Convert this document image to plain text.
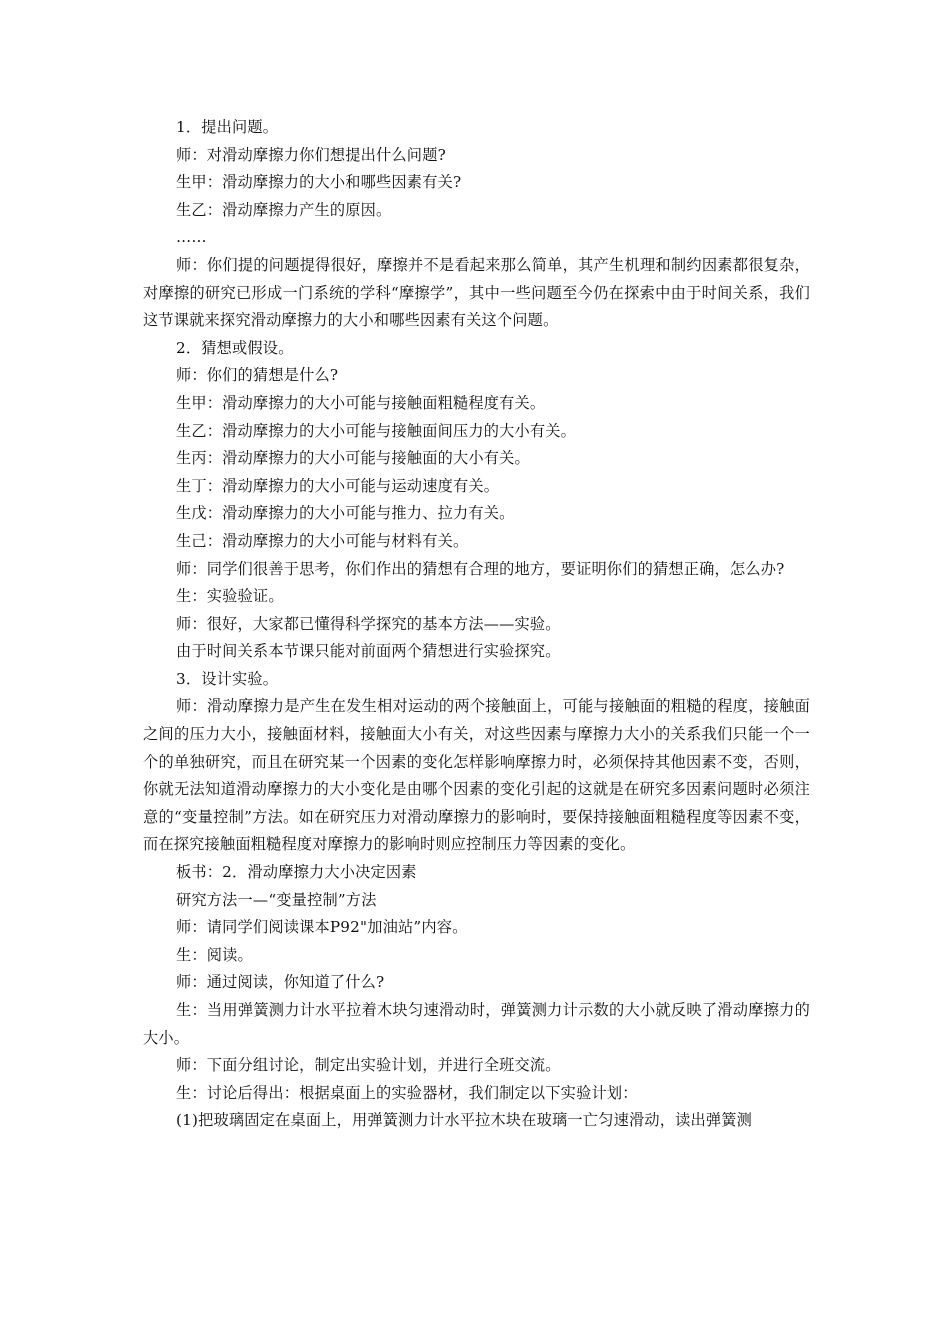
1．提出问题。

师：对滑动摩擦力你们想提出什么问题?

生甲：滑动摩擦力的大小和哪些因素有关?

生乙：滑动摩擦力产生的原因。

……

师：你们提的问题提得很好，摩擦并不是看起来那么简单，其产生机理和制约因素都很复杂，对摩擦的研究已形成一门系统的学科“摩擦学”，其中一些问题至今仍在探索中由于时间关系，我们这节课就来探究滑动摩擦力的大小和哪些因素有关这个问题。

2．猜想或假设。

师：你们的猜想是什么?

生甲：滑动摩擦力的大小可能与接触面粗糙程度有关。

生乙：滑动摩擦力的大小可能与接触面间压力的大小有关。

生丙：滑动摩擦力的大小可能与接触面的大小有关。

生丁：滑动摩擦力的大小可能与运动速度有关。

生戊：滑动摩擦力的大小可能与推力、拉力有关。

生己：滑动摩擦力的大小可能与材料有关。

师：同学们很善于思考，你们作出的猜想有合理的地方，要证明你们的猜想正确，怎么办?

生：实验验证。

师：很好，大家都已懂得科学探究的基本方法——实验。

由于时间关系本节课只能对前面两个猜想进行实验探究。

3．设计实验。

师：滑动摩擦力是产生在发生相对运动的两个接触面上，可能与接触面的粗糙的程度，接触面之间的压力大小，接触面材料，接触面大小有关，对这些因素与摩擦力大小的关系我们只能一个一个的单独研究，而且在研究某一个因素的变化怎样影响摩擦力时，必须保持其他因素不变，否则，你就无法知道滑动摩擦力的大小变化是由哪个因素的变化引起的这就是在研究多因素问题时必须注意的“变量控制”方法。如在研究压力对滑动摩擦力的影响时，要保持接触面粗糙程度等因素不变，而在探究接触面粗糙程度对摩擦力的影响时则应控制压力等因素的变化。

板书：2．滑动摩擦力大小决定因素

研究方法一—“变量控制”方法

师：请同学们阅读课本P92"加油站”内容。

生：阅读。

师：通过阅读，你知道了什么?

生：当用弹簧测力计水平拉着木块匀速滑动时，弹簧测力计示数的大小就反映了滑动摩擦力的大小。

师：下面分组讨论，制定出实验计划，并进行全班交流。

生：讨论后得出：根据桌面上的实验器材，我们制定以下实验计划：

(1)把玻璃固定在桌面上，用弹簧测力计水平拉木块在玻璃一亡匀速滑动，读出弹簧测
